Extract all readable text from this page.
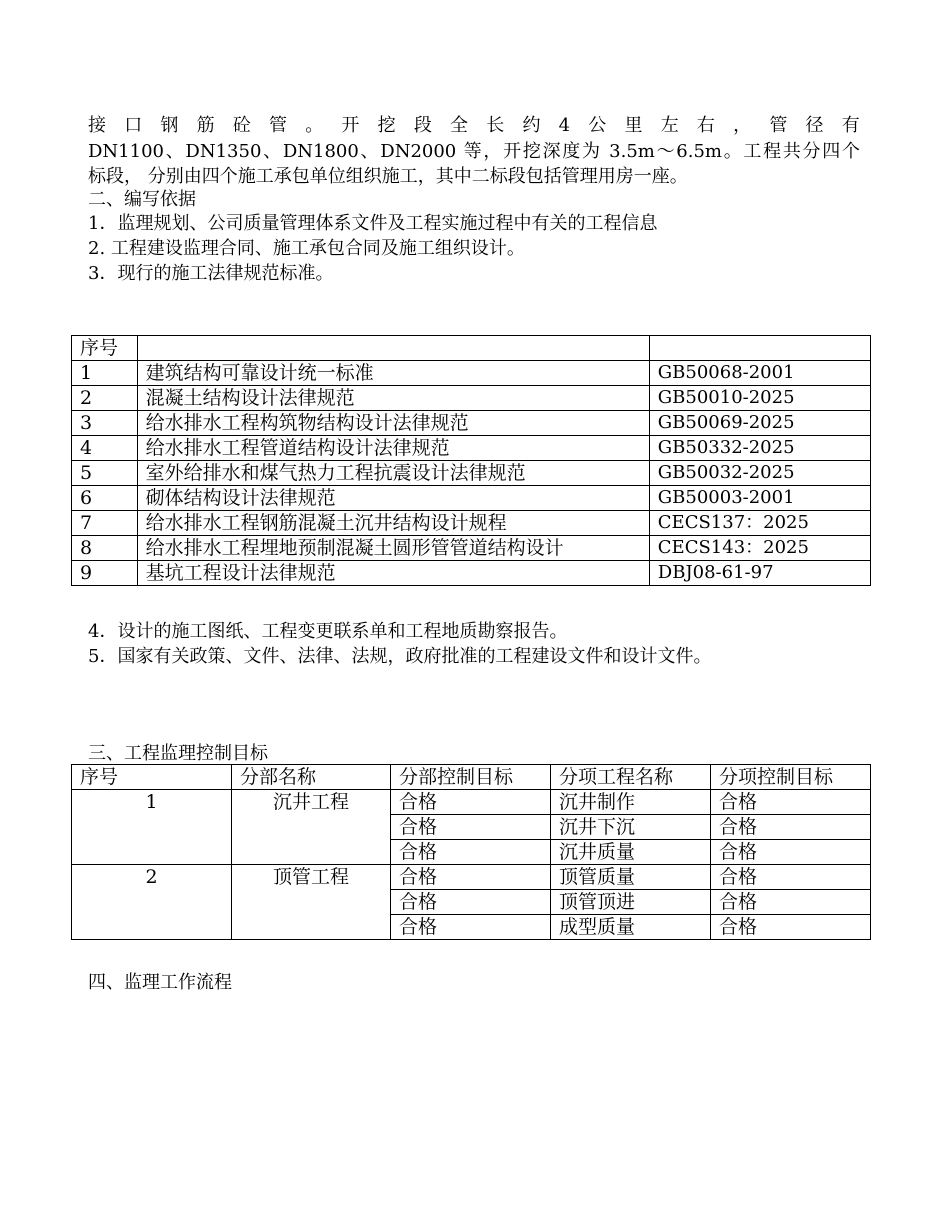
接 口 钢 筋 砼 管 。 开 挖 段 全 长 约 4 公 里 左 右 ， 管 径 有
DN1100、DN1350、DN1800、DN2000 等，开挖深度为 3.5m～6.5m。工程共分四个
标段， 分别由四个施工承包单位组织施工，其中二标段包括管理用房一座。
二、编写依据
1．监理规划、公司质量管理体系文件及工程实施过程中有关的工程信息
2. 工程建设监理合同、施工承包合同及施工组织设计。
3．现行的施工法律规范标准。
序号		
1	建筑结构可靠设计统一标准	GB50068-2001
2	混凝土结构设计法律规范	GB50010-2025
3	给水排水工程构筑物结构设计法律规范	GB50069-2025
4	给水排水工程管道结构设计法律规范	GB50332-2025
5	室外给排水和煤气热力工程抗震设计法律规范	GB50032-2025
6	砌体结构设计法律规范	GB50003-2001
7	给水排水工程钢筋混凝土沉井结构设计规程	CECS137：2025
8	给水排水工程埋地预制混凝土圆形管管道结构设计	CECS143：2025
9	基坑工程设计法律规范	DBJ08-61-97
4．设计的施工图纸、工程变更联系单和工程地质勘察报告。
5．国家有关政策、文件、法律、法规，政府批准的工程建设文件和设计文件。
三、工程监理控制目标
序号	分部名称	分部控制目标	分项工程名称	分项控制目标
1	沉井工程	合格	沉井制作	合格
		合格	沉井下沉	合格
		合格	沉井质量	合格
2	顶管工程	合格	顶管质量	合格
		合格	顶管顶进	合格
		合格	成型质量	合格
四、监理工作流程
